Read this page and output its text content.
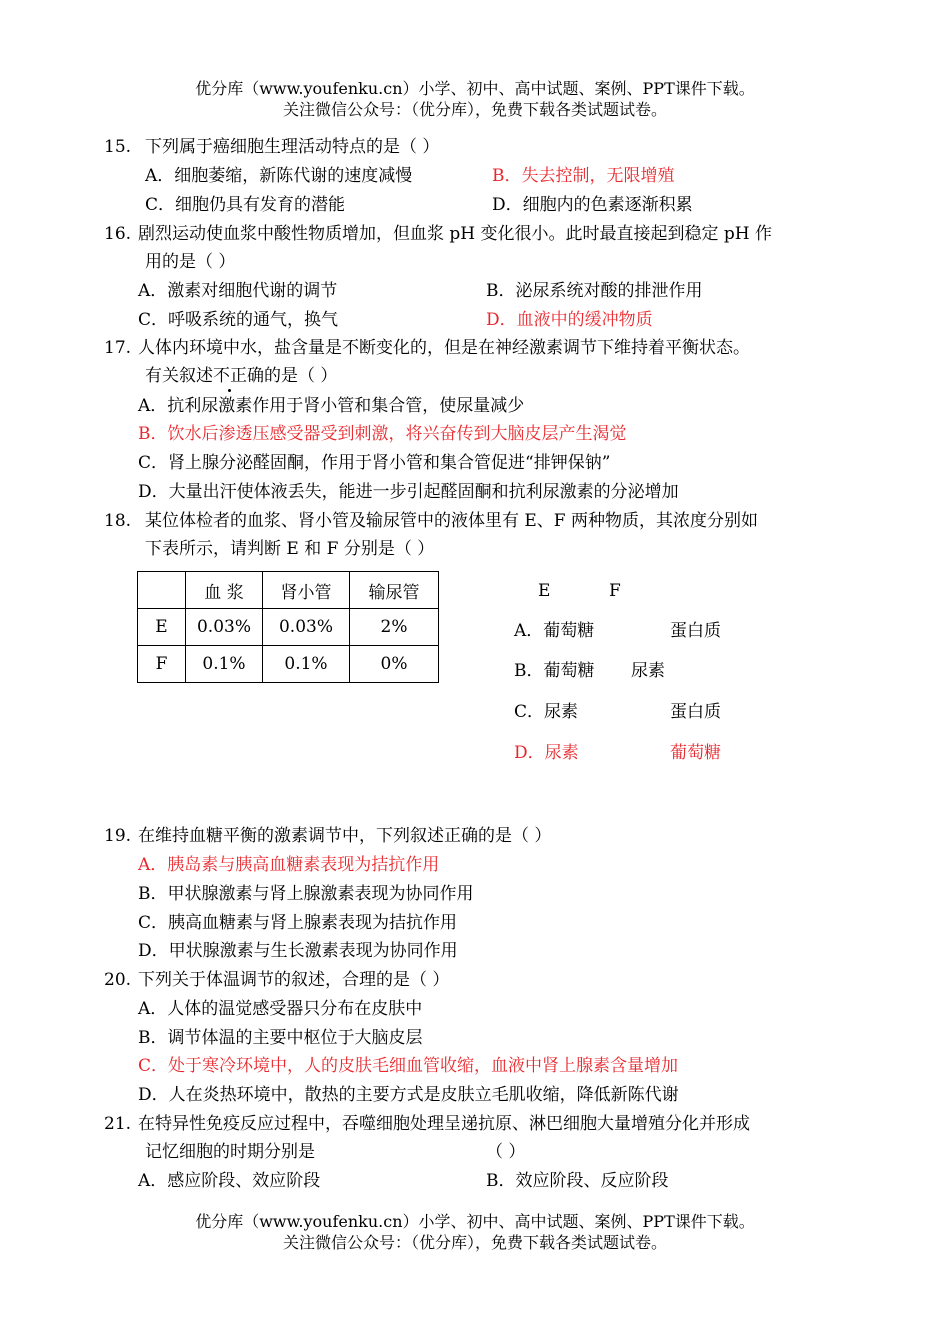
优分库（www.youfenku.cn）小学、初中、高中试题、案例、PPT课件下载。
关注微信公众号：（优分库），免费下载各类试题试卷。
15. 下列属于癌细胞生理活动特点的是（ ）
A．细胞萎缩，新陈代谢的速度减慢	B．失去控制，无限增殖
C．细胞仍具有发育的潜能	D．细胞内的色素逐渐积累
16. 剧烈运动使血浆中酸性物质增加，但血浆 pH 变化很小。此时最直接起到稳定 pH 作
用的是（ ）
A．激素对细胞代谢的调节	B．泌尿系统对酸的排泄作用
C．呼吸系统的通气，换气	D．血液中的缓冲物质
17. 人体内环境中水，盐含量是不断变化的，但是在神经激素调节下维持着平衡状态。
有关叙述不正确的是（ ）
A．抗利尿激素作用于肾小管和集合管，使尿量减少
B．饮水后渗透压感受器受到刺激，将兴奋传到大脑皮层产生渴觉
C．肾上腺分泌醛固酮，作用于肾小管和集合管促进“排钾保钠”
D．大量出汗使体液丢失，能进一步引起醛固酮和抗利尿激素的分泌增加
18. 某位体检者的血浆、肾小管及输尿管中的液体里有 E、F 两种物质，其浓度分别如
下表所示，请判断 E 和 F 分别是（ ）
	血 浆	肾小管	输尿管
E	0.03%	0.03%	2%
F	0.1%	0.1%	0%
E	F
A．葡萄糖	蛋白质
B．葡萄糖 尿素
C．尿素	蛋白质
D．尿素	葡萄糖
19. 在维持血糖平衡的激素调节中，下列叙述正确的是（ ）
A．胰岛素与胰高血糖素表现为拮抗作用
B．甲状腺激素与肾上腺激素表现为协同作用
C．胰高血糖素与肾上腺素表现为拮抗作用
D．甲状腺激素与生长激素表现为协同作用
20. 下列关于体温调节的叙述，合理的是（ ）
A．人体的温觉感受器只分布在皮肤中
B．调节体温的主要中枢位于大脑皮层
C．处于寒冷环境中，人的皮肤毛细血管收缩，血液中肾上腺素含量增加
D．人在炎热环境中，散热的主要方式是皮肤立毛肌收缩，降低新陈代谢
21. 在特异性免疫反应过程中，吞噬细胞处理呈递抗原、淋巴细胞大量增殖分化并形成
记忆细胞的时期分别是	（ ）
A．感应阶段、效应阶段	B．效应阶段、反应阶段
优分库（www.youfenku.cn）小学、初中、高中试题、案例、PPT课件下载。
关注微信公众号：（优分库），免费下载各类试题试卷。
